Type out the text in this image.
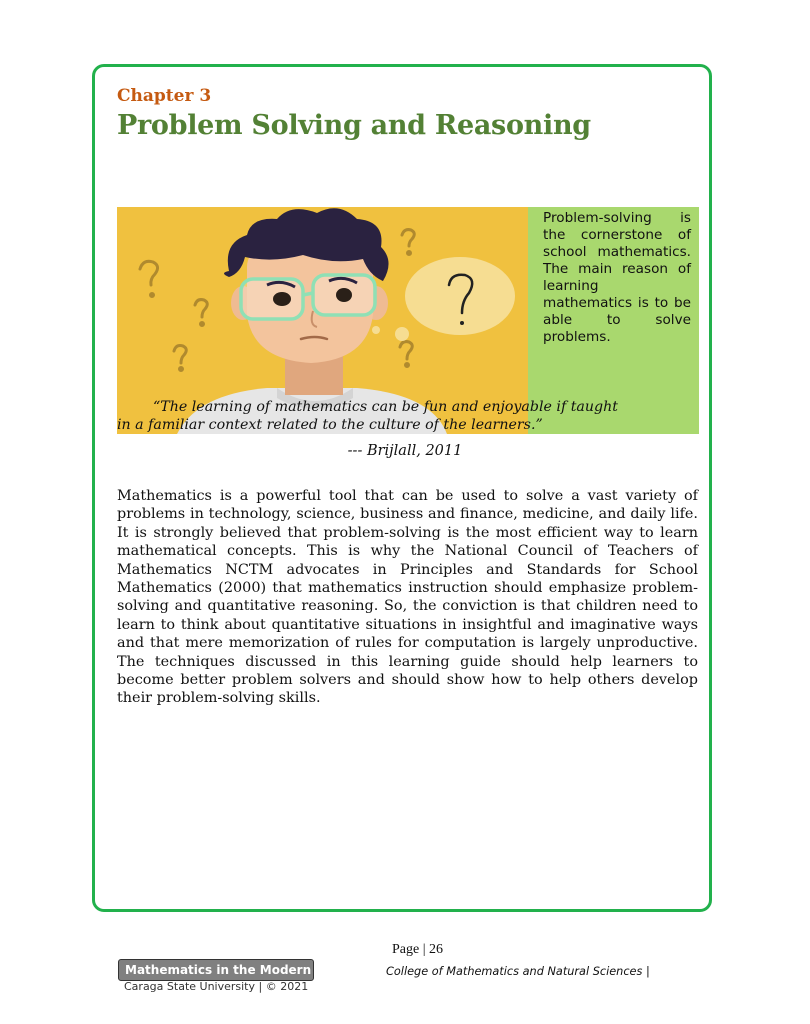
Chapter 3
Problem Solving and Reasoning
Problem-solving is the cornerstone of school mathematics. The main reason of learning mathematics is to be able to solve problems.
“The learning of mathematics can be fun and enjoyable if taught
in a familiar context related to the culture of the learners.”
--- Brijlall, 2011

Mathematics is a powerful tool that can be used to solve a vast variety of problems in technology, science, business and finance, medicine, and daily life. It is strongly believed that problem-solving is the most efficient way to learn mathematical concepts. This is why the National Council of Teachers of Mathematics NCTM advocates in Principles and Standards for School Mathematics (2000) that mathematics instruction should emphasize problem-solving and quantitative reasoning. So, the conviction is that children need to learn to think about quantitative situations in insightful and imaginative ways and that mere memorization of rules for computation is largely unproductive. The techniques discussed in this learning guide should help learners to become better problem solvers and should show how to help others develop their problem-solving skills.

Page | 26
Mathematics in the Modern World
Caraga State University | © 2021
College of Mathematics and Natural Sciences |
